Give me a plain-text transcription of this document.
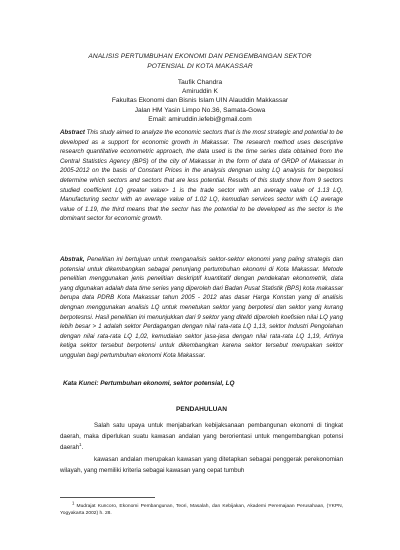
ANALISIS PERTUMBUHAN EKONOMI DAN PENGEMBANGAN SEKTOR
POTENSIAL DI KOTA MAKASSAR
Taufik Chandra
Amiruddin K
Fakultas Ekonomi dan Bisnis Islam UIN Alauddin Makkassar
Jalan HM Yasin Limpo No.36, Samata-Gowa
Email: amiruddin.iefebi@gmail.com
Abstract This study aimed to analyze the economic sectors that is the most strategic and potential to be developed as a support for economic growth in Makassar. The research method uses descriptive research quantitative econometric approach, the data used is the time series data obtained from the Central Statistics Agency (BPS) of the city of Makassar in the form of data of GRDP of Makassar in 2005-2012 on the basis of Constant Prices in the analysis dengnan using LQ analysis for berpotesi determine which sectors and sectors that are less potential. Results of this study show from 9 sectors studied coefficient LQ greater value> 1 is the trade sector with an average value of 1.13 LQ, Manufacturing sector with an average value of 1.02 LQ, kemudian services sector with LQ average value of 1.19, the third means that the sector has the potential to be developed as the sector is the dominant sector for economic growth.
Abstrak, Penelitian ini bertujuan untuk menganalisis sektor-sektor ekonomi yang paling strategis dan potensial untuk dikembangkan sebagai penunjang pertumbuhan ekonomi di Kota Makassar. Metode penelitian menggunakan jenis penelitian deskriptif kuantitatif dengan pendekatan ekonometrik, data yang digunakan adalah data time series yang diperoleh dari Badan Pusat Statistik (BPS) kota makassar berupa data PDRB Kota Makassar tahun 2005 - 2012 atas dasar Harga Konstan yang di analisis dengnan menggunakan analisis LQ untuk menetukan sektor yang berpotesi dan sektor yang kurang berpotesnsi. Hasil penelitian ini menunjukkan dari 9 sektor yang diteliti diperoleh koefisien nilai LQ yang lebih besar > 1 adalah sektor Perdagangan dengan nilai rata-rata LQ 1,13, sektor Industri Pengolahan dengan nilai rata-rata LQ 1,02, kemudaian sektor jasa-jasa dengan nilai rata-rata LQ 1,19, Artinya ketiga sektor tersebut berpotensi untuk dikembangkan karena sektor tersebut merupakan sektor unggulan bagi pertumbuhan ekonomi Kota Makassar.
Kata Kunci: Pertumbuhan ekonomi, sektor potensial, LQ
PENDAHULUAN
Salah satu upaya untuk menjabarkan kebijaksanaan pembangunan ekonomi di tingkat daerah, maka diperlukan suatu kawasan andalan yang berorientasi untuk mengembangkan potensi daerah$^1$.
kawasan andalan merupakan kawasan yang ditetapkan sebagai penggerak perekonomian wilayah, yang memiliki kriteria sebagai kawasan yang cepat tumbuh
$^1$ Mudrajat Kuncoro, Ekonomi Pembangunan, Teori, Masalah, dan Kebijakan, Akademi Peremajaan Perusahaan, (YKPN, Yogyakarta 2002) h. 28.
